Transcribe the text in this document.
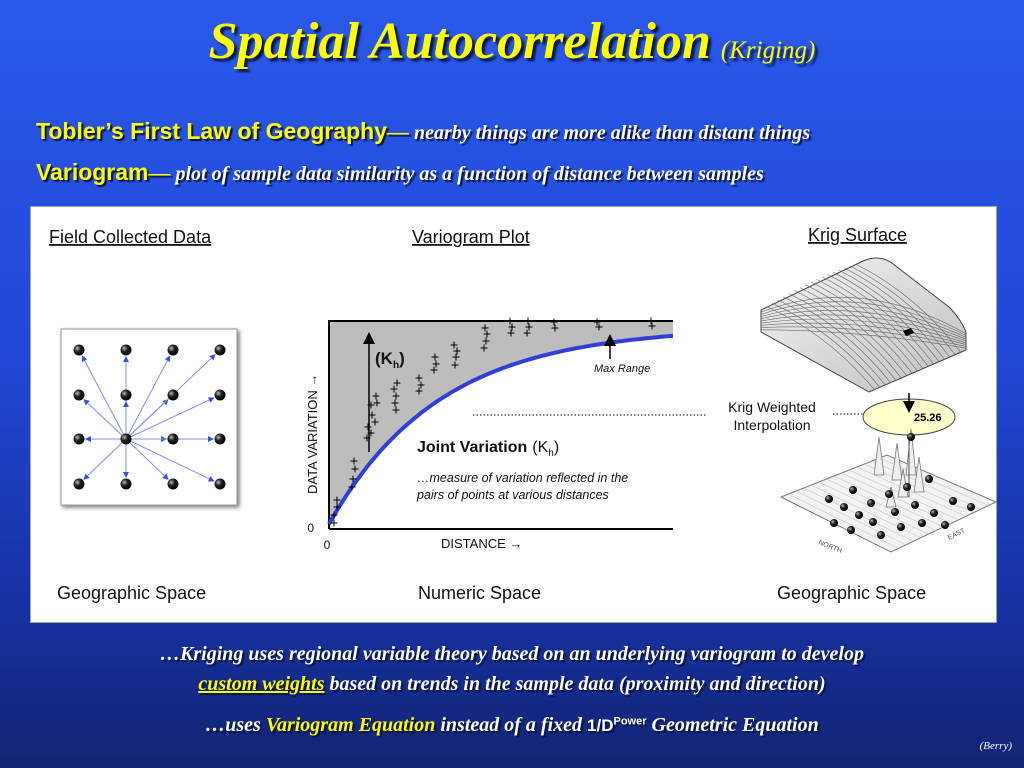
Spatial Autocorrelation (Kriging)
Tobler’s First Law of Geography— nearby things are more alike than distant things
Variogram— plot of sample data similarity as a function of distance between samples
Field Collected Data	Variogram Plot	Krig Surface
0
0	DISTANCE →
DATA VARIATION →
$(K_h)$
Max Range
Joint Variation $(K_h)$
…measure of variation reflected in the
pairs of points at various distances
Krig Weighted
Interpolation	25.26
NORTH
EAST
Geographic Space	Numeric Space	Geographic Space
…Kriging uses regional variable theory based on an underlying variogram to develop
custom weights based on trends in the sample data (proximity and direction)
…uses Variogram Equation instead of a fixed $1/D^{Power}$ Geometric Equation
(Berry)
